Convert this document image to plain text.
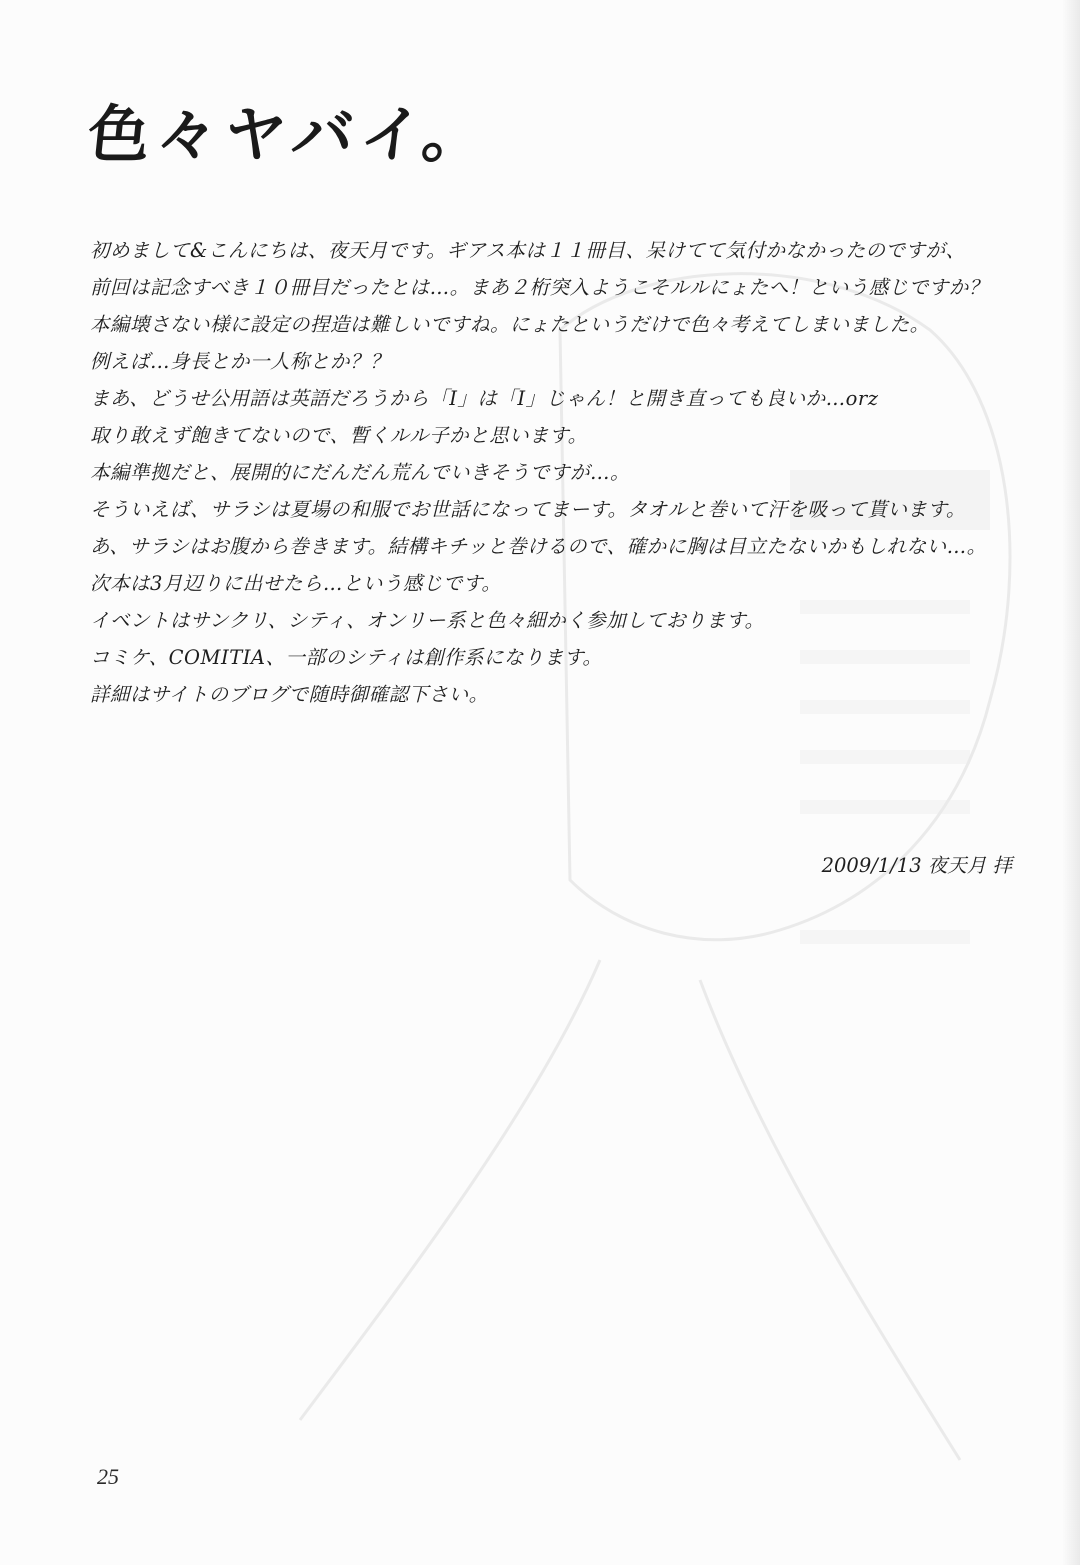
色々ヤバイ。
初めまして&こんにちは、夜天月です。ギアス本は１１冊目、呆けてて気付かなかったのですが、
前回は記念すべき１０冊目だったとは…。まあ２桁突入ようこそルルにょたへ！という感じですか？
本編壊さない様に設定の捏造は難しいですね。にょたというだけで色々考えてしまいました。
例えば…身長とか一人称とか？？
まあ、どうせ公用語は英語だろうから「I」は「I」じゃん！と開き直っても良いか…orz
取り敢えず飽きてないので、暫くルル子かと思います。
本編準拠だと、展開的にだんだん荒んでいきそうですが…。
そういえば、サラシは夏場の和服でお世話になってまーす。タオルと巻いて汗を吸って貰います。
あ、サラシはお腹から巻きます。結構キチッと巻けるので、確かに胸は目立たないかもしれない…。
次本は3月辺りに出せたら…という感じです。
イベントはサンクリ、シティ、オンリー系と色々細かく参加しております。
コミケ、COMITIA、一部のシティは創作系になります。
詳細はサイトのブログで随時御確認下さい。
2009/1/13 夜天月 拝
25
